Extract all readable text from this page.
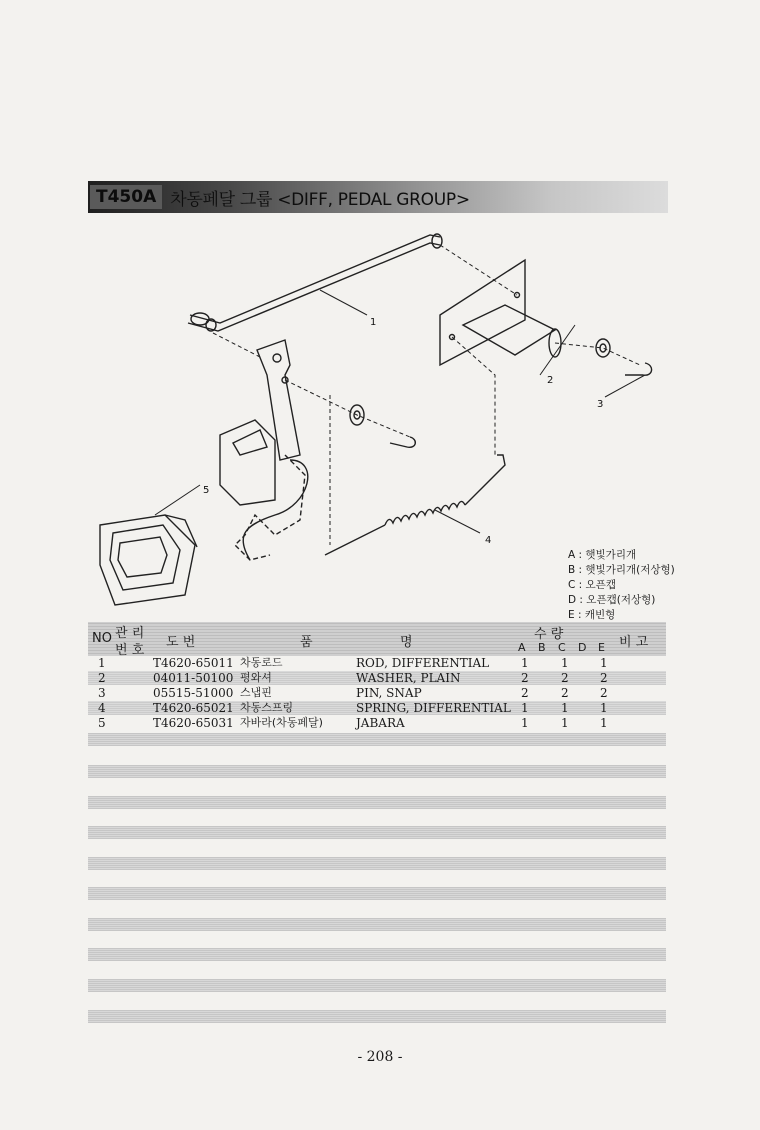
T450A 차동페달 그룹 <DIFF, PEDAL GROUP>
1
2
3
4
5
A : 햇빛가리개
B : 햇빛가리개(저상형)
C : 오픈캡
D : 오픈캡(저상형)
E : 캐빈형
NO 관 리
번 호
도 번	품	명
수 량
A B C D E 비 고
1	T4620-65011 차동로드	ROD, DIFFERENTIAL	1	1	1
2	04011-50100 평와셔	WASHER, PLAIN	2	2	2
3	05515-51000 스냅핀	PIN, SNAP	2	2	2
4	T4620-65021 차동스프링	SPRING, DIFFERENTIAL 1	1	1
5	T4620-65031 자바라(차동페달)	JABARA	1	1	1
- 208 -
